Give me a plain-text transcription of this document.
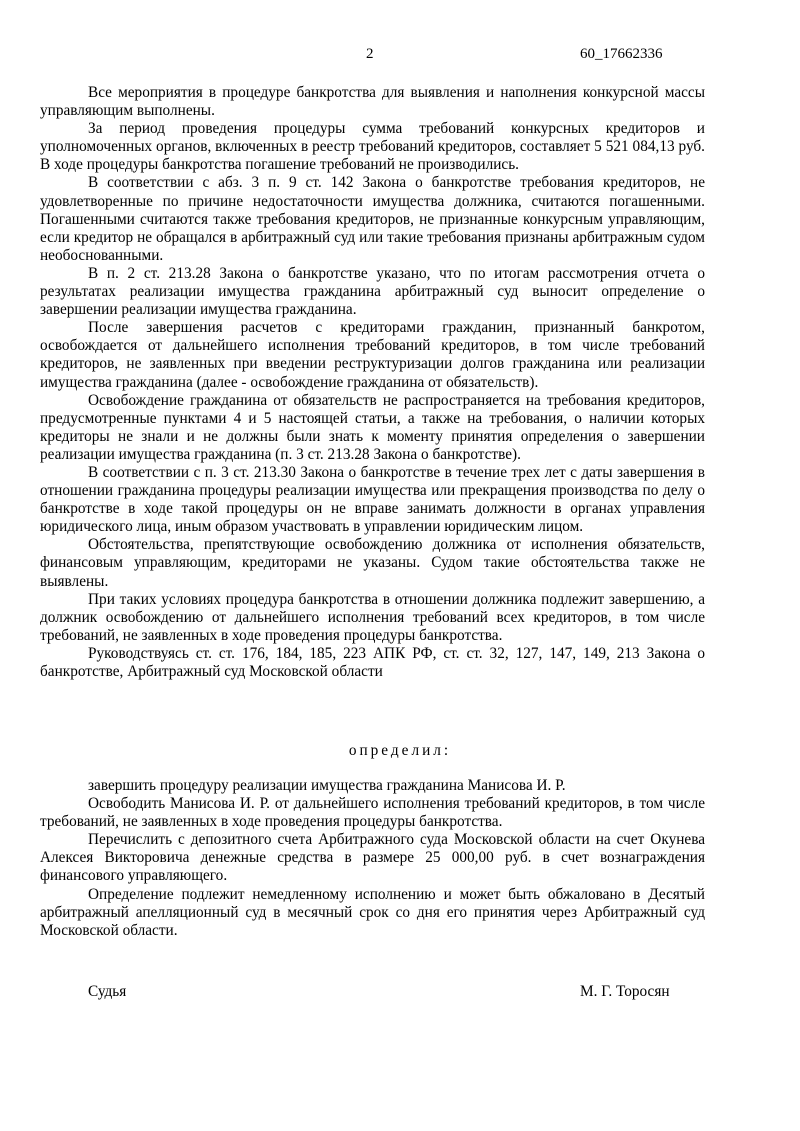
2	60_17662336

Все мероприятия в процедуре банкротства для выявления и наполнения конкурсной массы управляющим выполнены.

За период проведения процедуры сумма требований конкурсных кредиторов и уполномоченных органов, включенных в реестр требований кредиторов, составляет 5 521 084,13 руб. В ходе процедуры банкротства погашение требований не производились.

В соответствии с абз. 3 п. 9 ст. 142 Закона о банкротстве требования кредиторов, не удовлетворенные по причине недостаточности имущества должника, считаются погашенными. Погашенными считаются также требования кредиторов, не признанные конкурсным управляющим, если кредитор не обращался в арбитражный суд или такие требования признаны арбитражным судом необоснованными.

В п. 2 ст. 213.28 Закона о банкротстве указано, что по итогам рассмотрения отчета о результатах реализации имущества гражданина арбитражный суд выносит определение о завершении реализации имущества гражданина.

После завершения расчетов с кредиторами гражданин, признанный банкротом, освобождается от дальнейшего исполнения требований кредиторов, в том числе требований кредиторов, не заявленных при введении реструктуризации долгов гражданина или реализации имущества гражданина (далее - освобождение гражданина от обязательств).

Освобождение гражданина от обязательств не распространяется на требования кредиторов, предусмотренные пунктами 4 и 5 настоящей статьи, а также на требования, о наличии которых кредиторы не знали и не должны были знать к моменту принятия определения о завершении реализации имущества гражданина (п. 3 ст. 213.28 Закона о банкротстве).

В соответствии с п. 3 ст. 213.30 Закона о банкротстве в течение трех лет с даты завершения в отношении гражданина процедуры реализации имущества или прекращения производства по делу о банкротстве в ходе такой процедуры он не вправе занимать должности в органах управления юридического лица, иным образом участвовать в управлении юридическим лицом.

Обстоятельства, препятствующие освобождению должника от исполнения обязательств, финансовым управляющим, кредиторами не указаны. Судом такие обстоятельства также не выявлены.

При таких условиях процедура банкротства в отношении должника подлежит завершению, а должник освобождению от дальнейшего исполнения требований всех кредиторов, в том числе требований, не заявленных в ходе проведения процедуры банкротства.

Руководствуясь ст. ст. 176, 184, 185, 223 АПК РФ, ст. ст. 32, 127, 147, 149, 213 Закона о банкротстве, Арбитражный суд Московской области

определил:

завершить процедуру реализации имущества гражданина Манисова И. Р.

Освободить Манисова И. Р. от дальнейшего исполнения требований кредиторов, в том числе требований, не заявленных в ходе проведения процедуры банкротства.

Перечислить с депозитного счета Арбитражного суда Московской области на счет Окунева Алексея Викторовича денежные средства в размере 25 000,00 руб. в счет вознаграждения финансового управляющего.

Определение подлежит немедленному исполнению и может быть обжаловано в Десятый арбитражный апелляционный суд в месячный срок со дня его принятия через Арбитражный суд Московской области.

Судья	М. Г. Торосян
